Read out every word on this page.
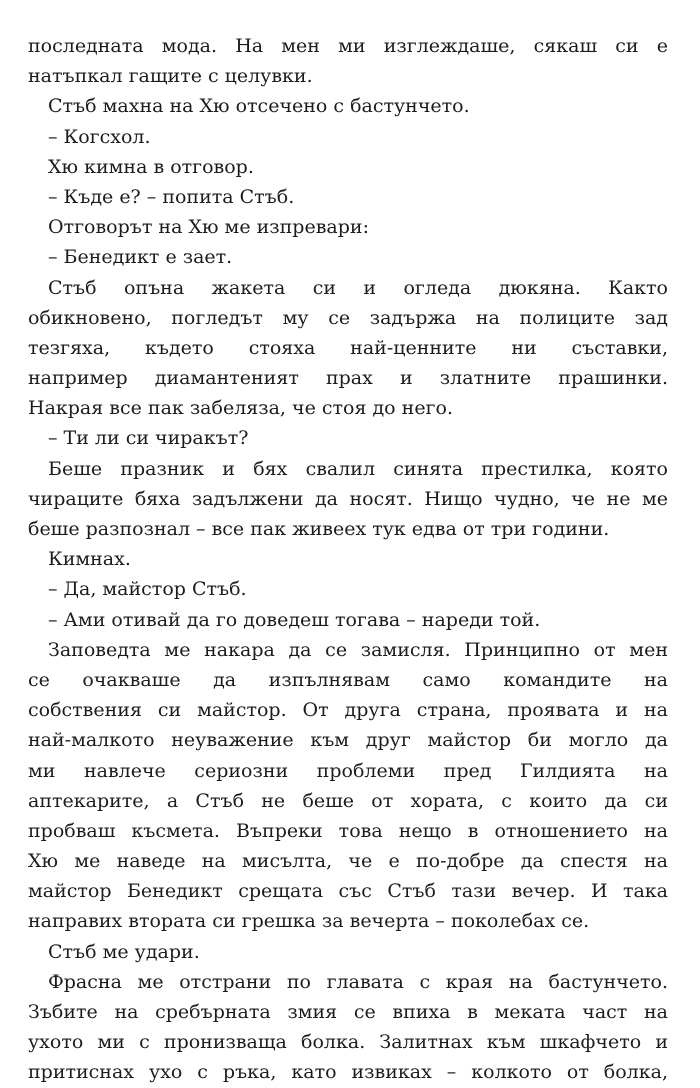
последната мода. На мен ми изглеждаше, сякаш си е
натъпкал гащите с целувки.
Стъб махна на Хю отсечено с бастунчето.
– Когсхол.
Хю кимна в отговор.
– Къде е? – попита Стъб.
Отговорът на Хю ме изпревари:
– Бенедикт е зает.
Стъб опъна жакета си и огледа дюкяна. Както
обикновено, погледът му се задържа на полиците зад
тезгяха, където стояха най-ценните ни съставки,
например диамантеният прах и златните прашинки.
Накрая все пак забеляза, че стоя до него.
– Ти ли си чиракът?
Беше празник и бях свалил синята престилка, която
чираците бяха задължени да носят. Нищо чудно, че не ме
беше разпознал – все пак живеех тук едва от три години.
Кимнах.
– Да, майстор Стъб.
– Ами отивай да го доведеш тогава – нареди той.
Заповедта ме накара да се замисля. Принципно от мен
се очакваше да изпълнявам само командите на
собствения си майстор. От друга страна, проявата и на
най-малкото неуважение към друг майстор би могло да
ми навлече сериозни проблеми пред Гилдията на
аптекарите, а Стъб не беше от хората, с които да си
пробваш късмета. Въпреки това нещо в отношението на
Хю ме наведе на мисълта, че е по-добре да спестя на
майстор Бенедикт срещата със Стъб тази вечер. И така
направих втората си грешка за вечерта – поколебах се.
Стъб ме удари.
Фрасна ме отстрани по главата с края на бастунчето.
Зъбите на сребърната змия се впиха в меката част на
ухото ми с пронизваща болка. Залитнах към шкафчето и
притиснах ухо с ръка, като извиках – колкото от болка,
